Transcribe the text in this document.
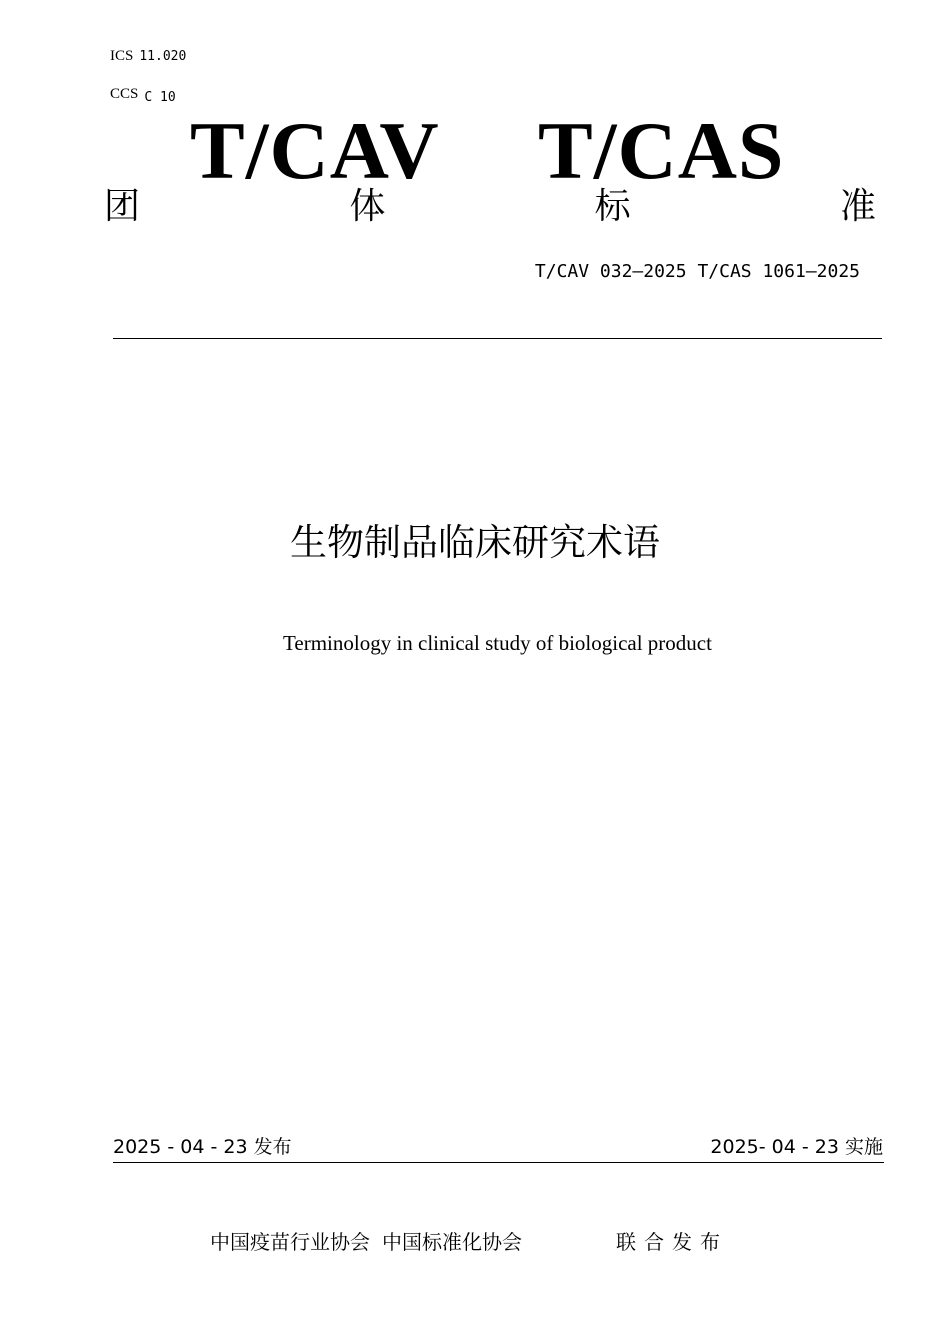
ICS 11.020
CCS C 10
T/CAV T/CAS
团	体	标	准
T/CAV 032—2025 T/CAS 1061—2025
生物制品临床研究术语
Terminology in clinical study of biological product
2025 - 04 - 23 发布	2025- 04 - 23 实施
中国疫苗行业协会 中国标准化协会	联合发布
